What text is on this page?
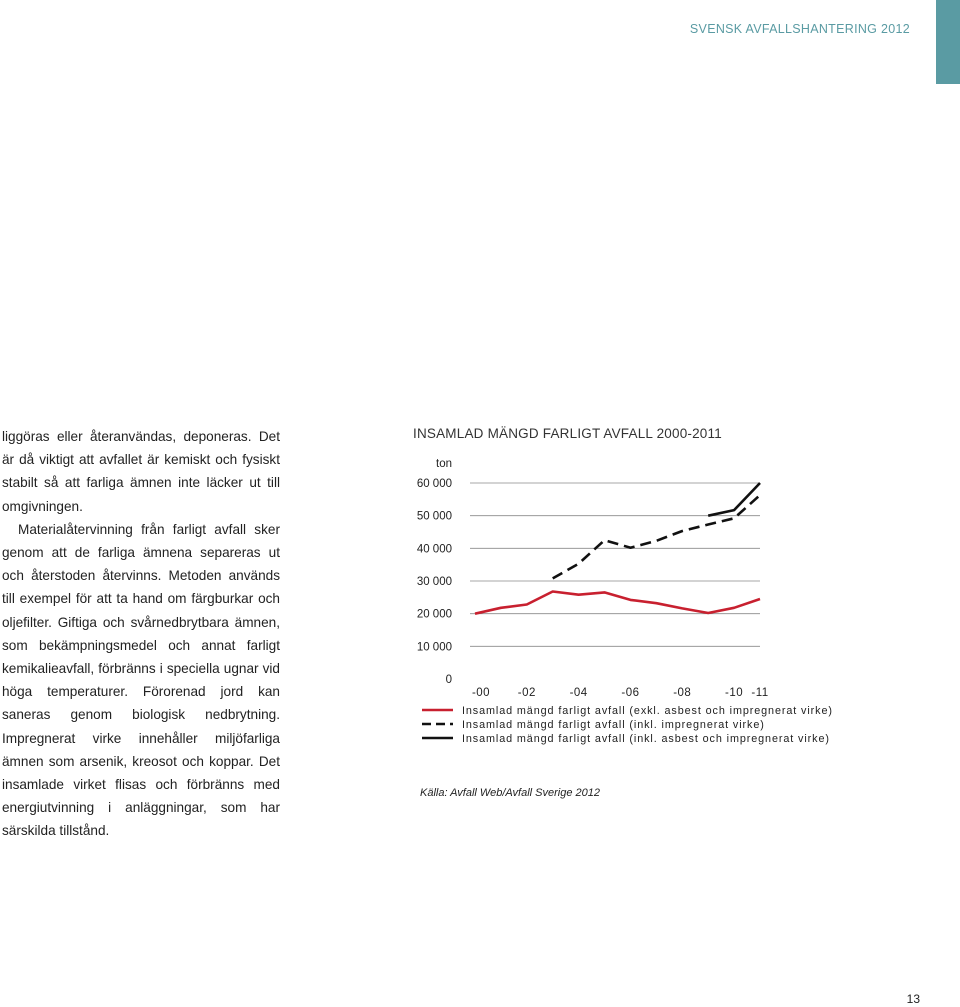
SVENSK AVFALLSHANTERING 2012

liggöras eller återanvändas, deponeras. Det är då viktigt att avfallet är kemiskt och fysiskt stabilt så att farliga ämnen inte läcker ut till omgivningen.

Materialåtervinning från farligt avfall sker genom att de farliga ämnena separeras ut och återstoden återvinns. Metoden används till exempel för att ta hand om färgburkar och oljefilter. Giftiga och svårnedbrytbara ämnen, som bekämpningsmedel och annat farligt kemikalieavfall, förbränns i speciella ugnar vid höga temperaturer. Förorenad jord kan saneras genom biologisk nedbrytning. Impregnerat virke innehåller miljöfarliga ämnen som arsenik, kreosot och koppar. Det insamlade virket flisas och förbränns med energiutvinning i anläggningar, som har särskilda tillstånd.

INSAMLAD MÄNGD FARLIGT AVFALL 2000-2011
ton
0
10 000
20 000
30 000
40 000
50 000
60 000
-00 -02	-04	-06	-08	-10 -11
Insamlad mängd farligt avfall (exkl. asbest och impregnerat virke)
Insamlad mängd farligt avfall (inkl. impregnerat virke)
Insamlad mängd farligt avfall (inkl. asbest och impregnerat virke)
Källa: Avfall Web/Avfall Sverige 2012
13
